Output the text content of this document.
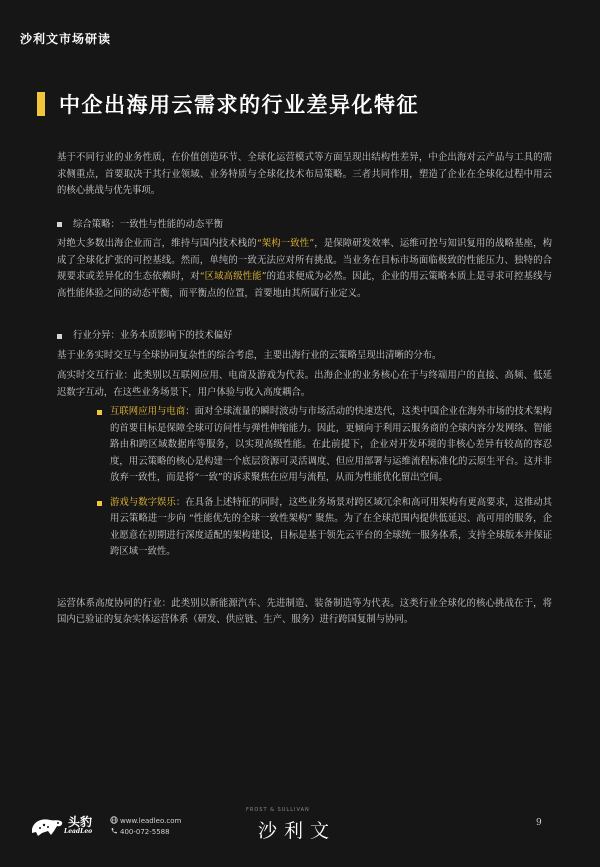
沙利文市场研读
中企出海用云需求的行业差异化特征

基于不同行业的业务性质，在价值创造环节、全球化运营模式等方面呈现出结构性差异，中企出海对云产品与工具的需求侧重点，首要取决于其行业领域、业务特质与全球化技术布局策略。三者共同作用，塑造了企业在全球化过程中用云的核心挑战与优先事项。

综合策略：一致性与性能的动态平衡

对绝大多数出海企业而言，维持与国内技术栈的“架构一致性”，是保障研发效率、运维可控与知识复用的战略基座，构成了全球化扩张的可控基线。然而，单纯的一致无法应对所有挑战。当业务在目标市场面临极致的性能压力、独特的合规要求或差异化的生态依赖时，对“区域高级性能”的追求便成为必然。因此，企业的用云策略本质上是寻求可控基线与高性能体验之间的动态平衡，而平衡点的位置，首要地由其所属行业定义。

行业分异：业务本质影响下的技术偏好

基于业务实时交互与全球协同复杂性的综合考虑，主要出海行业的云策略呈现出清晰的分布。

高实时交互行业：此类别以互联网应用、电商及游戏为代表。出海企业的业务核心在于与终端用户的直接、高频、低延迟数字互动，在这些业务场景下，用户体验与收入高度耦合。

互联网应用与电商：面对全球流量的瞬时波动与市场活动的快速迭代，这类中国企业在海外市场的技术架构的首要目标是保障全球可访问性与弹性伸缩能力。因此，更倾向于利用云服务商的全球内容分发网络、智能路由和跨区域数据库等服务，以实现高级性能。在此前提下，企业对开发环境的非核心差异有较高的容忍度，用云策略的核心是构建一个底层资源可灵活调度、但应用部署与运维流程标准化的云原生平台。这并非放弃一致性，而是将“一致”的诉求聚焦在应用与流程，从而为性能优化留出空间。

游戏与数字娱乐：在具备上述特征的同时，这些业务场景对跨区域冗余和高可用架构有更高要求，这推动其用云策略进一步向 “性能优先的全球一致性架构” 聚焦。为了在全球范围内提供低延迟、高可用的服务，企业愿意在初期进行深度适配的架构建设，目标是基于领先云平台的全球统一服务体系，支持全球版本并保证跨区域一致性。

运营体系高度协同的行业：此类别以新能源汽车、先进制造、装备制造等为代表。这类行业全球化的核心挑战在于，将国内已验证的复杂实体运营体系（研发、供应链、生产、服务）进行跨国复制与协同。

头豹
LeadLeo
www.leadleo.com
400-072-5588
FROST & SULLIVAN
沙利文	9
